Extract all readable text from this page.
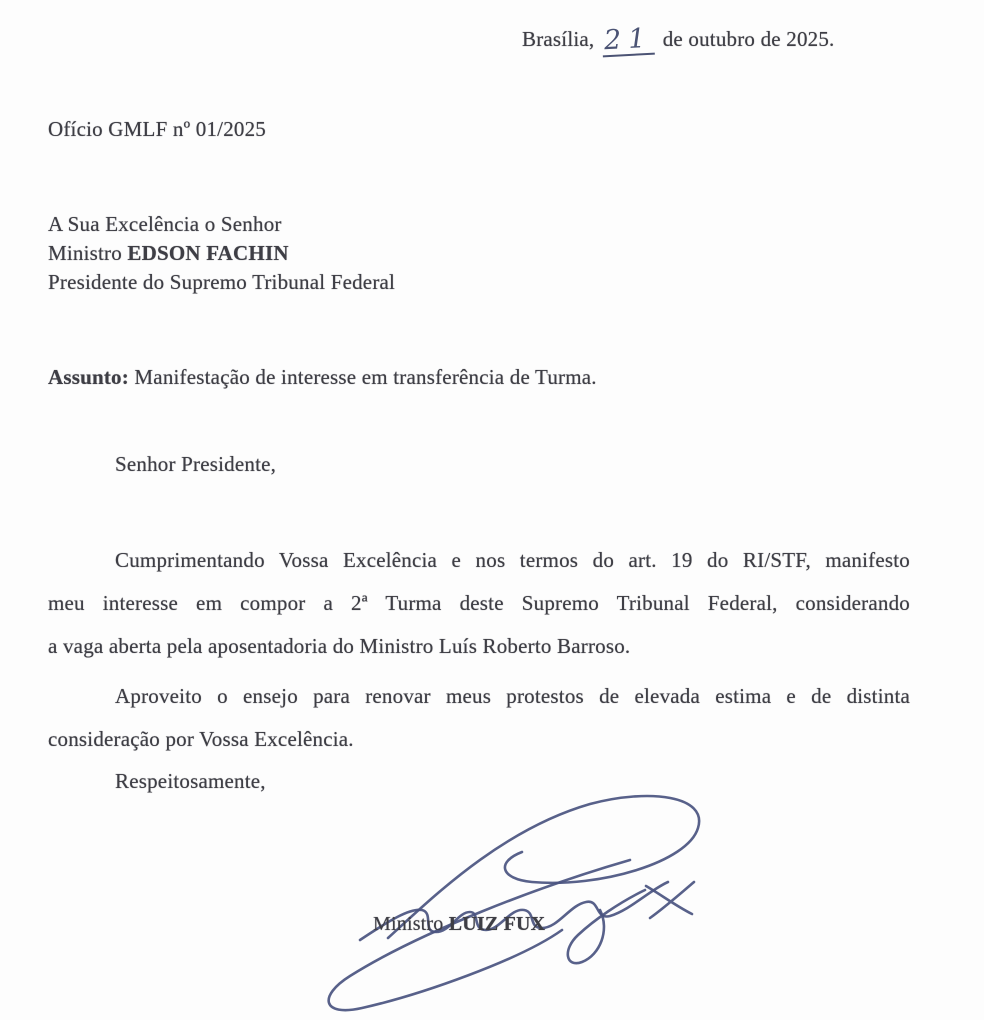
Brasília, 21 de outubro de 2025.
Ofício GMLF nº 01/2025
A Sua Excelência o Senhor
Ministro EDSON FACHIN
Presidente do Supremo Tribunal Federal
Assunto: Manifestação de interesse em transferência de Turma.
Senhor Presidente,
Cumprimentando Vossa Excelência e nos termos do art. 19 do RI/STF, manifesto
meu interesse em compor a 2ª Turma deste Supremo Tribunal Federal, considerando
a vaga aberta pela aposentadoria do Ministro Luís Roberto Barroso.
Aproveito o ensejo para renovar meus protestos de elevada estima e de distinta
consideração por Vossa Excelência.
Respeitosamente,
Ministro LUIZ FUX
